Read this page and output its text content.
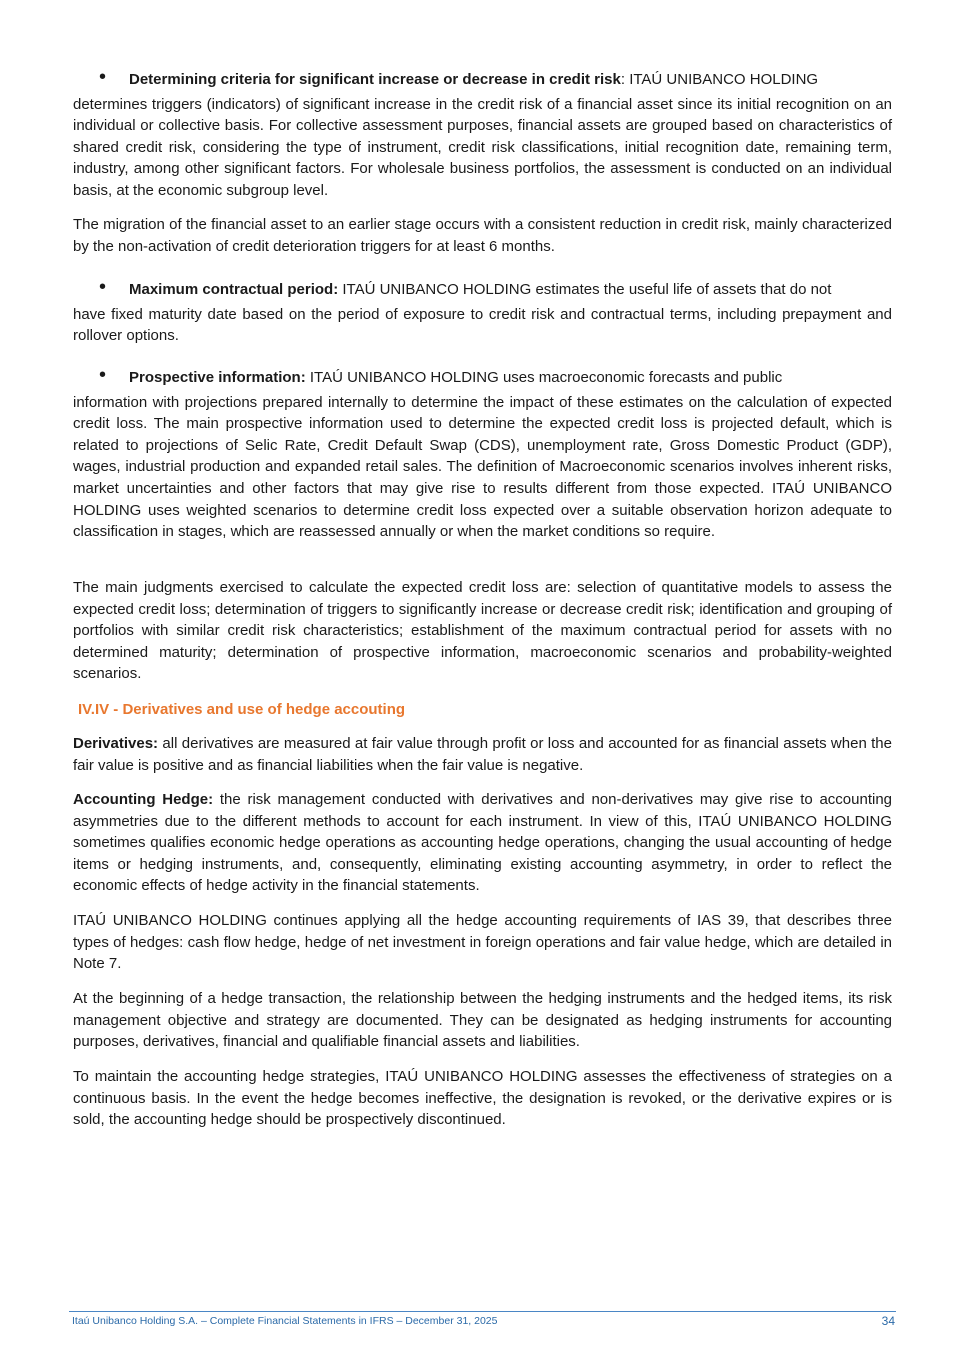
• Determining criteria for significant increase or decrease in credit risk: ITAÚ UNIBANCO HOLDING

determines triggers (indicators) of significant increase in the credit risk of a financial asset since its initial recognition on an individual or collective basis. For collective assessment purposes, financial assets are grouped based on characteristics of shared credit risk, considering the type of instrument, credit risk classifications, initial recognition date, remaining term, industry, among other significant factors. For wholesale business portfolios, the assessment is conducted on an individual basis, at the economic subgroup level.

The migration of the financial asset to an earlier stage occurs with a consistent reduction in credit risk, mainly characterized by the non-activation of credit deterioration triggers for at least 6 months.

• Maximum contractual period: ITAÚ UNIBANCO HOLDING estimates the useful life of assets that do not

have fixed maturity date based on the period of exposure to credit risk and contractual terms, including prepayment and rollover options.

• Prospective information: ITAÚ UNIBANCO HOLDING uses macroeconomic forecasts and public

information with projections prepared internally to determine the impact of these estimates on the calculation of expected credit loss. The main prospective information used to determine the expected credit loss is projected default, which is related to projections of Selic Rate, Credit Default Swap (CDS), unemployment rate, Gross Domestic Product (GDP), wages, industrial production and expanded retail sales. The definition of Macroeconomic scenarios involves inherent risks, market uncertainties and other factors that may give rise to results different from those expected. ITAÚ UNIBANCO HOLDING uses weighted scenarios to determine credit loss expected over a suitable observation horizon adequate to classification in stages, which are reassessed annually or when the market conditions so require.

The main judgments exercised to calculate the expected credit loss are: selection of quantitative models to assess the expected credit loss; determination of triggers to significantly increase or decrease credit risk; identification and grouping of portfolios with similar credit risk characteristics; establishment of the maximum contractual period for assets with no determined maturity; determination of prospective information, macroeconomic scenarios and probability-weighted scenarios.

IV.IV - Derivatives and use of hedge accouting

Derivatives: all derivatives are measured at fair value through profit or loss and accounted for as financial assets when the fair value is positive and as financial liabilities when the fair value is negative.

Accounting Hedge: the risk management conducted with derivatives and non-derivatives may give rise to accounting asymmetries due to the different methods to account for each instrument. In view of this, ITAÚ UNIBANCO HOLDING sometimes qualifies economic hedge operations as accounting hedge operations, changing the usual accounting of hedge items or hedging instruments, and, consequently, eliminating existing accounting asymmetry, in order to reflect the economic effects of hedge activity in the financial statements.

ITAÚ UNIBANCO HOLDING continues applying all the hedge accounting requirements of IAS 39, that describes three types of hedges: cash flow hedge, hedge of net investment in foreign operations and fair value hedge, which are detailed in Note 7.

At the beginning of a hedge transaction, the relationship between the hedging instruments and the hedged items, its risk management objective and strategy are documented. They can be designated as hedging instruments for accounting purposes, derivatives, financial and qualifiable financial assets and liabilities.

To maintain the accounting hedge strategies, ITAÚ UNIBANCO HOLDING assesses the effectiveness of strategies on a continuous basis. In the event the hedge becomes ineffective, the designation is revoked, or the derivative expires or is sold, the accounting hedge should be prospectively discontinued.

Itaú Unibanco Holding S.A. – Complete Financial Statements in IFRS – December 31, 2025	34
